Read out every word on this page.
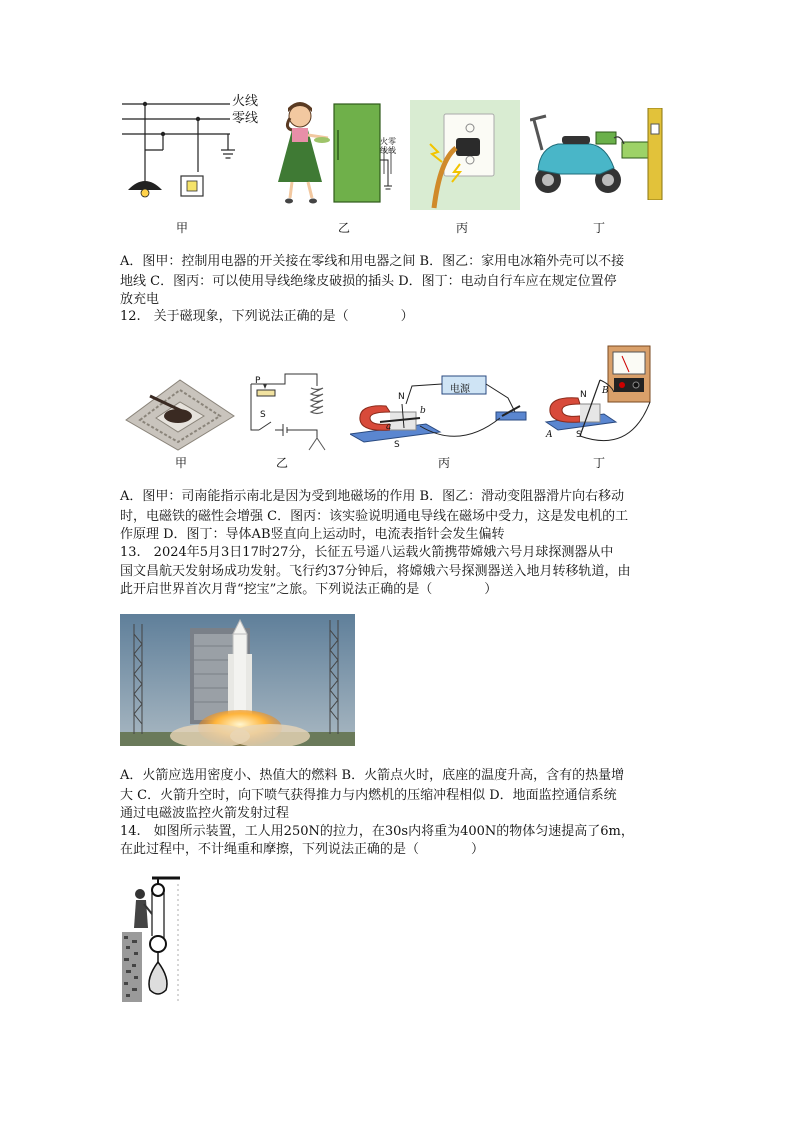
火线
零线
火零
线线
甲	乙	丙	丁
A．图甲：控制用电器的开关接在零线和用电器之间 B．图乙：家用电冰箱外壳可以不接
地线 C．图丙：可以使用导线绝缘皮破损的插头 D．图丁：电动自行车应在规定位置停
放充电
12.　关于磁现象，下列说法正确的是（　　　　）
P
S
电源
N
S
a
b
N
S
A
B
甲	乙	丙	丁
A．图甲：司南能指示南北是因为受到地磁场的作用 B．图乙：滑动变阻器滑片向右移动
时，电磁铁的磁性会增强 C．图丙：该实验说明通电导线在磁场中受力，这是发电机的工
作原理 D．图丁：导体AB竖直向上运动时，电流表指针会发生偏转
13.　2024年5月3日17时27分，长征五号遥八运载火箭携带嫦娥六号月球探测器从中
国文昌航天发射场成功发射。飞行约37分钟后，将嫦娥六号探测器送入地月转移轨道，由
此开启世界首次月背“挖宝”之旅。下列说法正确的是（　　　　）
A．火箭应选用密度小、热值大的燃料 B．火箭点火时，底座的温度升高，含有的热量增
大 C．火箭升空时，向下喷气获得推力与内燃机的压缩冲程相似 D．地面监控通信系统
通过电磁波监控火箭发射过程
14.　如图所示装置，工人用250N的拉力，在30s内将重为400N的物体匀速提高了6m，
在此过程中，不计绳重和摩擦，下列说法正确的是（　　　　）
